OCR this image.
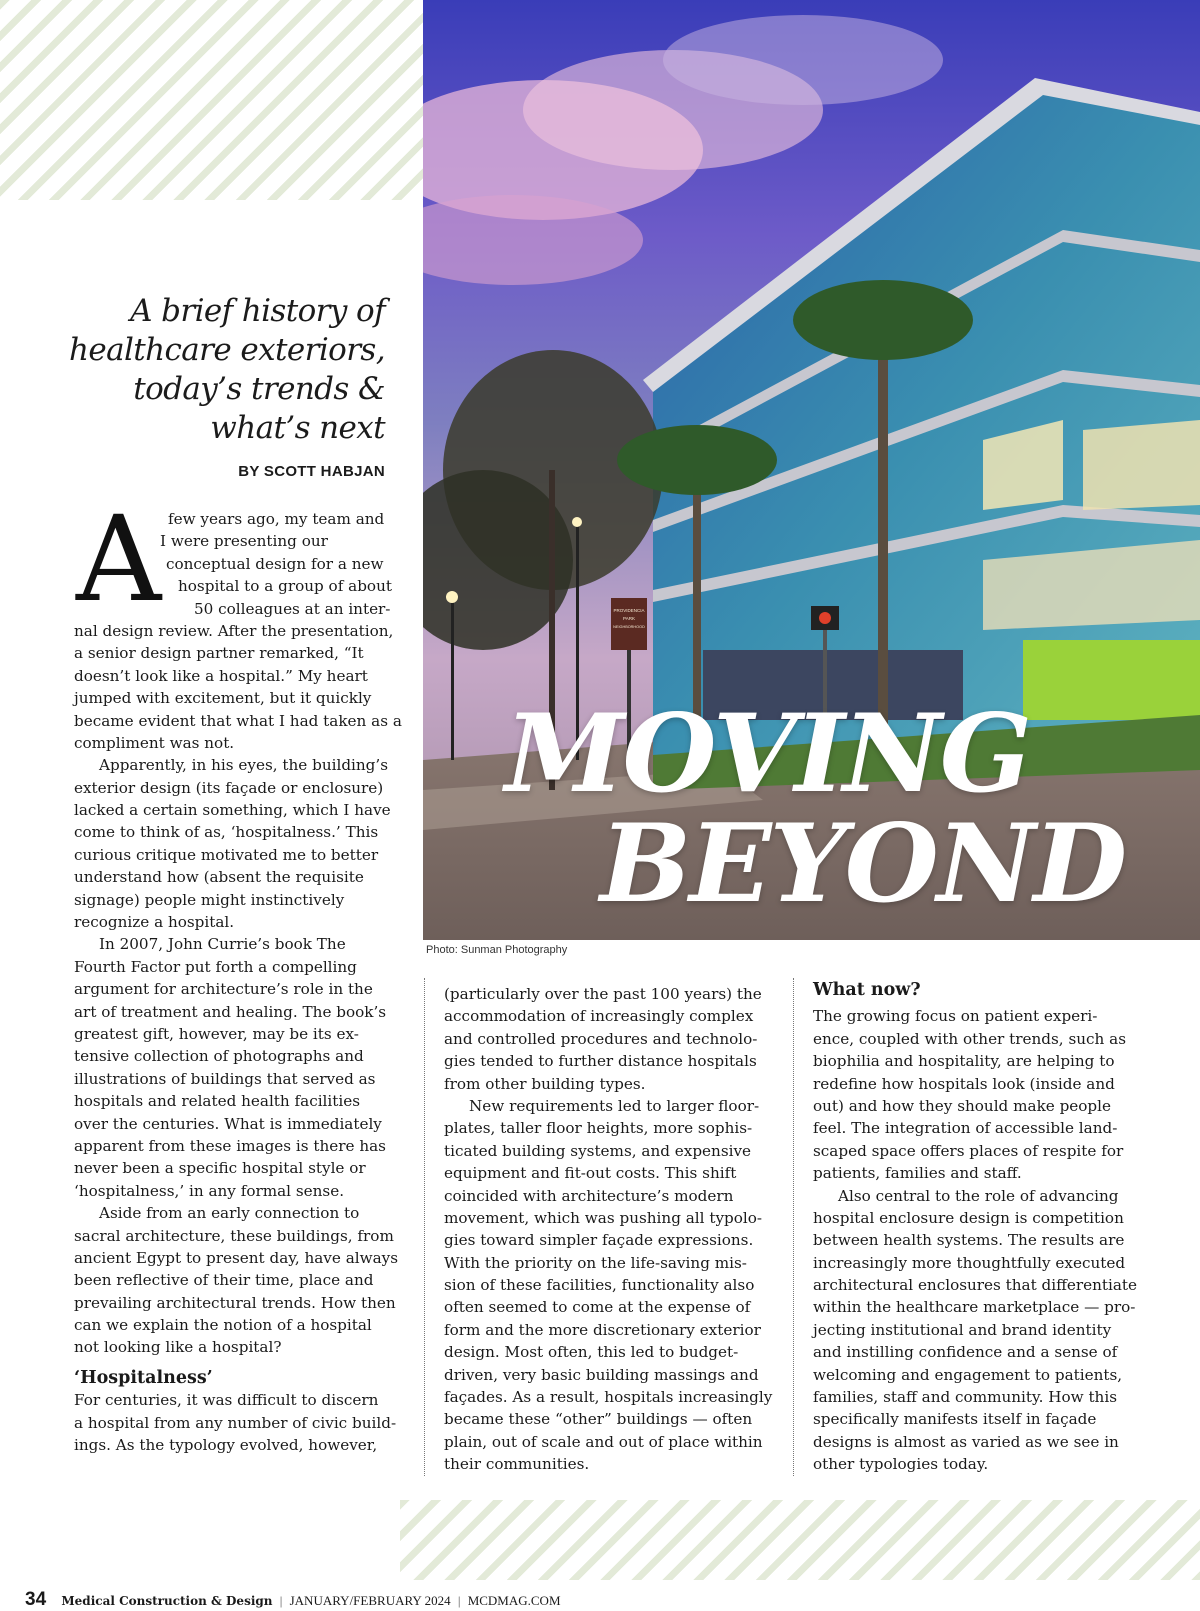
PROVIDENCIA
PARK
NEIGHBORHOOD
MOVING
BEYOND
Photo: Sunman Photography
A brief history of
healthcare exteriors,
today’s trends &
what’s next
BY SCOTT HABJAN
A few years ago, my team and
I were presenting our
conceptual design for a new
hospital to a group of about
50 colleagues at an inter-
nal design review. After the presentation,
a senior design partner remarked, “It
doesn’t look like a hospital.” My heart
jumped with excitement, but it quickly
became evident that what I had taken as a
compliment was not.
Apparently, in his eyes, the building’s
exterior design (its façade or enclosure)
lacked a certain something, which I have
come to think of as, ‘hospitalness.’ This
curious critique motivated me to better
understand how (absent the requisite
signage) people might instinctively
recognize a hospital.
In 2007, John Currie’s book The
Fourth Factor put forth a compelling
argument for architecture’s role in the
art of treatment and healing. The book’s
greatest gift, however, may be its ex-
tensive collection of photographs and
illustrations of buildings that served as
hospitals and related health facilities
over the centuries. What is immediately
apparent from these images is there has
never been a specific hospital style or
‘hospitalness,’ in any formal sense.
Aside from an early connection to
sacral architecture, these buildings, from
ancient Egypt to present day, have always
been reflective of their time, place and
prevailing architectural trends. How then
can we explain the notion of a hospital
not looking like a hospital?
‘Hospitalness’
For centuries, it was difficult to discern
a hospital from any number of civic build-
ings. As the typology evolved, however,
(particularly over the past 100 years) the
accommodation of increasingly complex
and controlled procedures and technolo-
gies tended to further distance hospitals
from other building types.
New requirements led to larger floor-
plates, taller floor heights, more sophis-
ticated building systems, and expensive
equipment and fit-out costs. This shift
coincided with architecture’s modern
movement, which was pushing all typolo-
gies toward simpler façade expressions.
With the priority on the life-saving mis-
sion of these facilities, functionality also
often seemed to come at the expense of
form and the more discretionary exterior
design. Most often, this led to budget-
driven, very basic building massings and
façades. As a result, hospitals increasingly
became these “other” buildings — often
plain, out of scale and out of place within
their communities.
What now?
The growing focus on patient experi-
ence, coupled with other trends, such as
biophilia and hospitality, are helping to
redefine how hospitals look (inside and
out) and how they should make people
feel. The integration of accessible land-
scaped space offers places of respite for
patients, families and staff.
Also central to the role of advancing
hospital enclosure design is competition
between health systems. The results are
increasingly more thoughtfully executed
architectural enclosures that differentiate
within the healthcare marketplace — pro-
jecting institutional and brand identity
and instilling confidence and a sense of
welcoming and engagement to patients,
families, staff and community. How this
specifically manifests itself in façade
designs is almost as varied as we see in
other typologies today.
34 Medical Construction & Design | JANUARY/FEBRUARY 2024 | MCDMAG.COM
